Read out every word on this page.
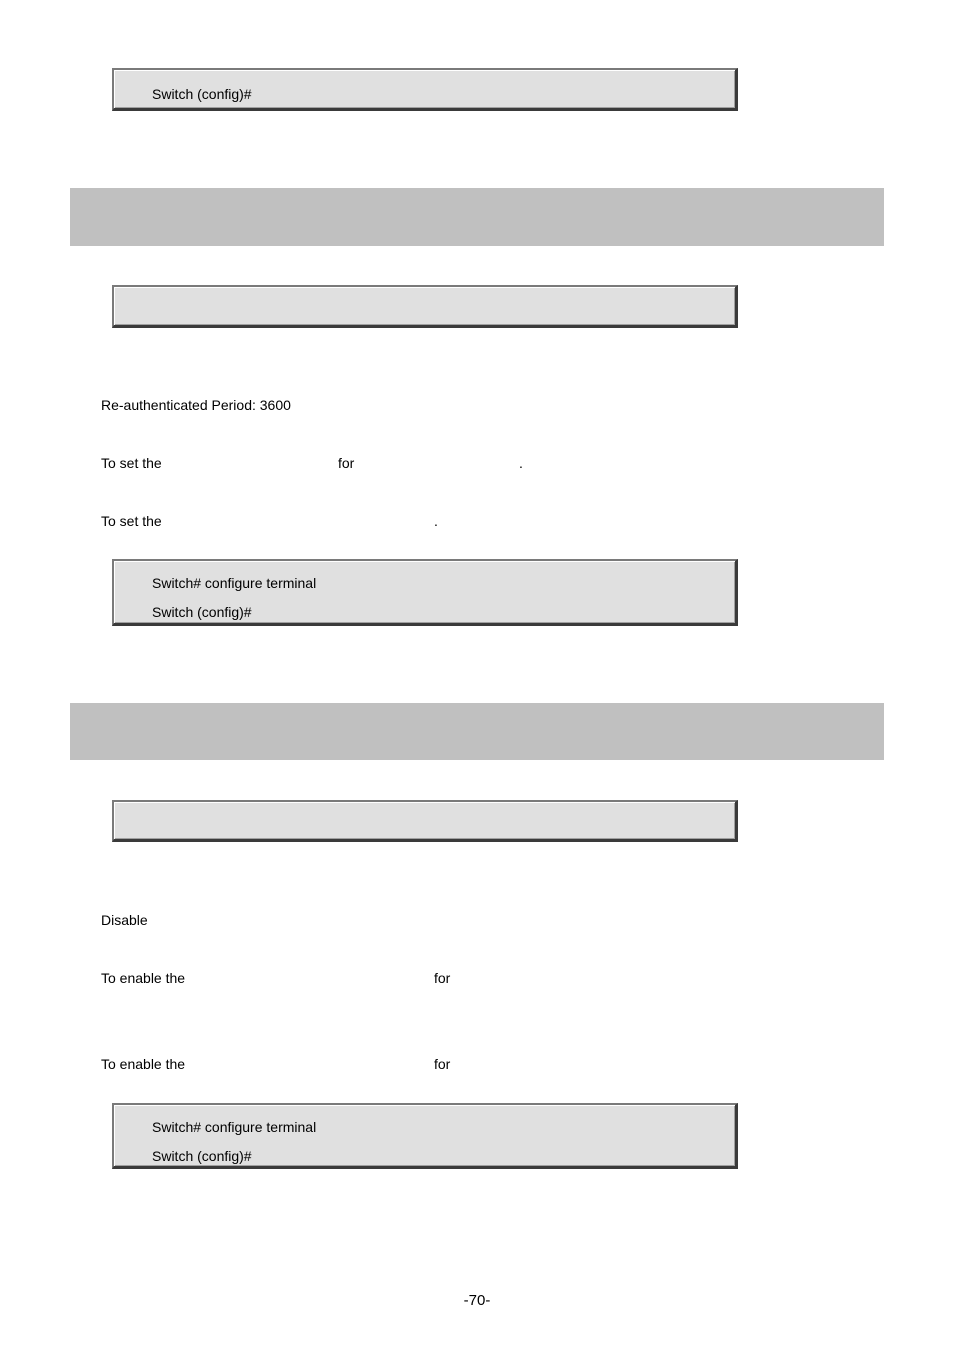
Switch (config)#
Re-authenticated Period: 3600
To set the	for	.
To set the	.
Switch# configure terminal
Switch (config)#
Disable
To enable the	for
To enable the	for
Switch# configure terminal
Switch (config)#
-70-
